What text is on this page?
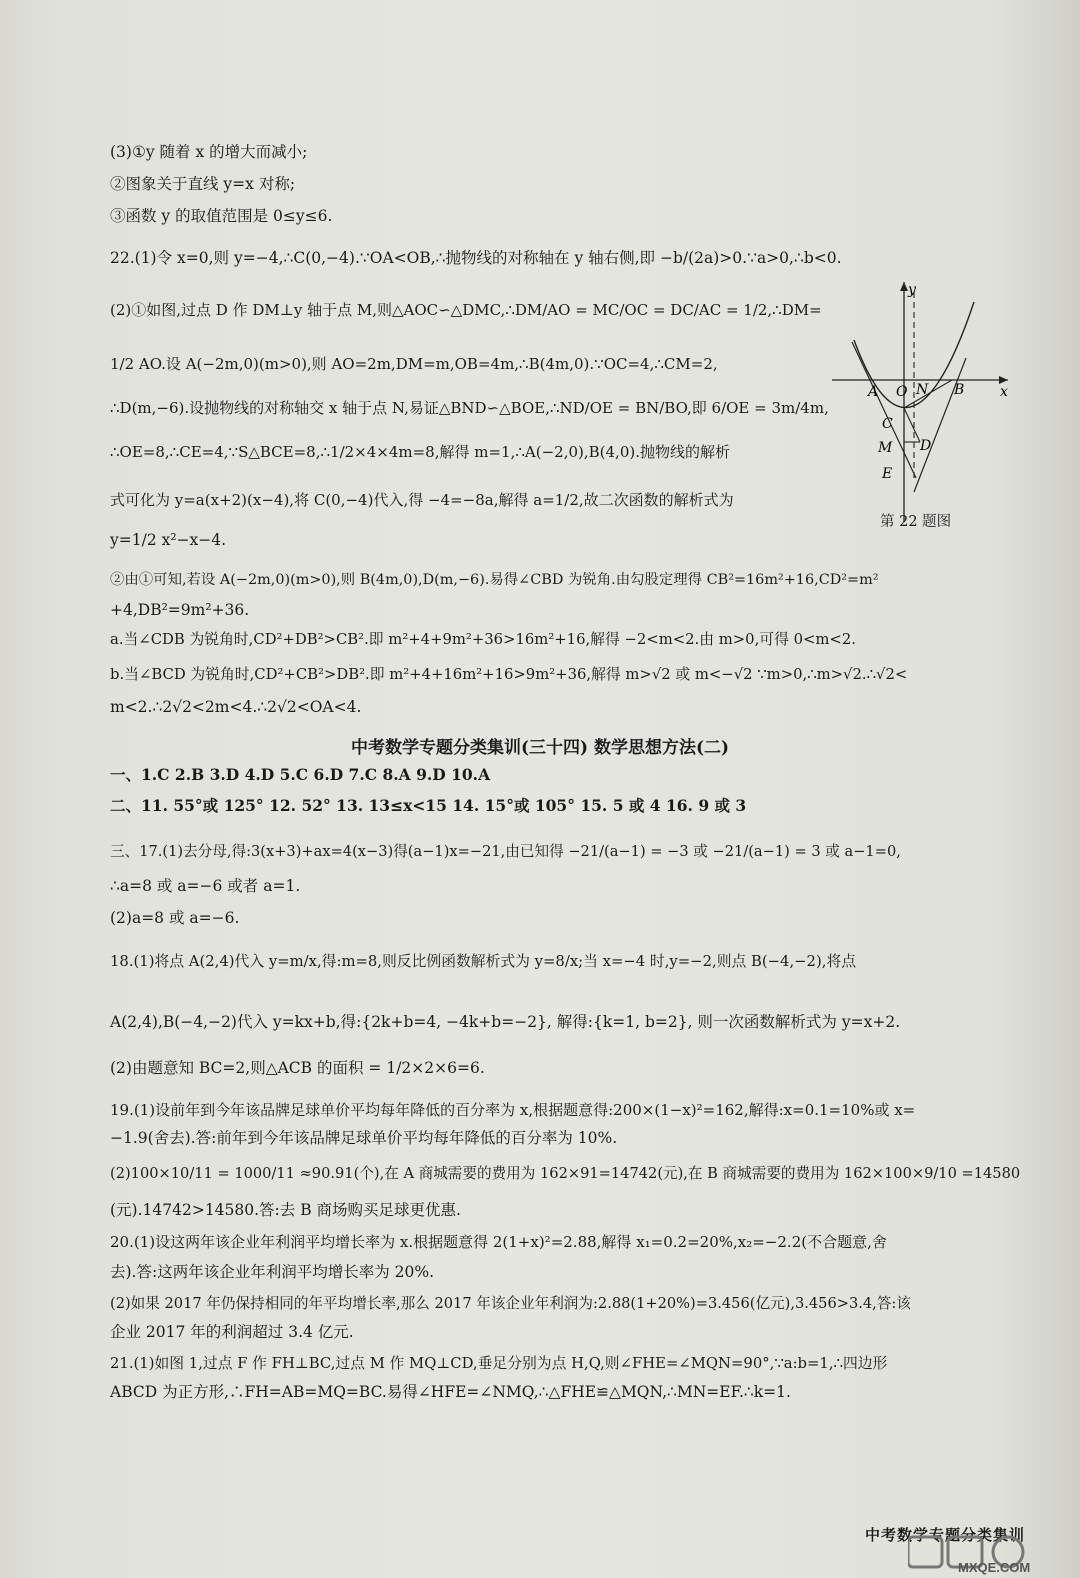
(3)①y 随着 x 的增大而减小;
②图象关于直线 y=x 对称;
③函数 y 的取值范围是 0≤y≤6.
22.(1)令 x=0,则 y=−4,∴C(0,−4).∵OA<OB,∴抛物线的对称轴在 y 轴右侧,即 −b/(2a)>0.∵a>0,∴b<0.
(2)①如图,过点 D 作 DM⊥y 轴于点 M,则△AOC∽△DMC,∴DM/AO = MC/OC = DC/AC = 1/2,∴DM=
1/2 AO.设 A(−2m,0)(m>0),则 AO=2m,DM=m,OB=4m,∴B(4m,0).∵OC=4,∴CM=2,
∴D(m,−6).设抛物线的对称轴交 x 轴于点 N,易证△BND∽△BOE,∴ND/OE = BN/BO,即 6/OE = 3m/4m,
∴OE=8,∴CE=4,∵S△BCE=8,∴1/2×4×4m=8,解得 m=1,∴A(−2,0),B(4,0).抛物线的解析
式可化为 y=a(x+2)(x−4),将 C(0,−4)代入,得 −4=−8a,解得 a=1/2,故二次函数的解析式为
y=1/2 x²−x−4.
②由①可知,若设 A(−2m,0)(m>0),则 B(4m,0),D(m,−6).易得∠CBD 为锐角.由勾股定理得 CB²=16m²+16,CD²=m²
+4,DB²=9m²+36.
a.当∠CDB 为锐角时,CD²+DB²>CB².即 m²+4+9m²+36>16m²+16,解得 −2<m<2.由 m>0,可得 0<m<2.
b.当∠BCD 为锐角时,CD²+CB²>DB².即 m²+4+16m²+16>9m²+36,解得 m>√2 或 m<−√2 ∵m>0,∴m>√2.∴√2<
m<2.∴2√2<2m<4.∴2√2<OA<4.
中考数学专题分类集训(三十四) 数学思想方法(二)
一、1.C 2.B 3.D 4.D 5.C 6.D 7.C 8.A 9.D 10.A
二、11. 55°或 125° 12. 52° 13. 13≤x<15 14. 15°或 105° 15. 5 或 4 16. 9 或 3
三、17.(1)去分母,得:3(x+3)+ax=4(x−3)得(a−1)x=−21,由已知得 −21/(a−1) = −3 或 −21/(a−1) = 3 或 a−1=0,
∴a=8 或 a=−6 或者 a=1.
(2)a=8 或 a=−6.
18.(1)将点 A(2,4)代入 y=m/x,得:m=8,则反比例函数解析式为 y=8/x;当 x=−4 时,y=−2,则点 B(−4,−2),将点
A(2,4),B(−4,−2)代入 y=kx+b,得:{2k+b=4, −4k+b=−2}, 解得:{k=1, b=2}, 则一次函数解析式为 y=x+2.
(2)由题意知 BC=2,则△ACB 的面积 = 1/2×2×6=6.
19.(1)设前年到今年该品牌足球单价平均每年降低的百分率为 x,根据题意得:200×(1−x)²=162,解得:x=0.1=10%或 x=
−1.9(舍去).答:前年到今年该品牌足球单价平均每年降低的百分率为 10%.
(2)100×10/11 = 1000/11 ≈90.91(个),在 A 商城需要的费用为 162×91=14742(元),在 B 商城需要的费用为 162×100×9/10 =14580
(元).14742>14580.答:去 B 商场购买足球更优惠.
20.(1)设这两年该企业年利润平均增长率为 x.根据题意得 2(1+x)²=2.88,解得 x₁=0.2=20%,x₂=−2.2(不合题意,舍
去).答:这两年该企业年利润平均增长率为 20%.
(2)如果 2017 年仍保持相同的年平均增长率,那么 2017 年该企业年利润为:2.88(1+20%)=3.456(亿元),3.456>3.4,答:该
企业 2017 年的利润超过 3.4 亿元.
21.(1)如图 1,过点 F 作 FH⊥BC,过点 M 作 MQ⊥CD,垂足分别为点 H,Q,则∠FHE=∠MQN=90°,∵a:b=1,∴四边形
ABCD 为正方形,∴FH=AB=MQ=BC.易得∠HFE=∠NMQ,∴△FHE≌△MQN,∴MN=EF.∴k=1.
y
x
A O N B
C
M D
E
第 22 题图
中考数学专题分类集训
MXQE.COM
